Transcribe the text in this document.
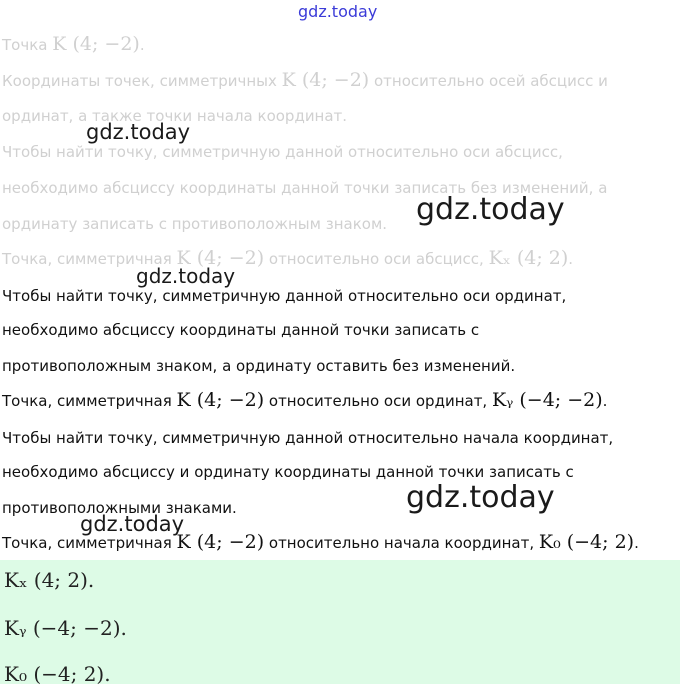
gdz.today
Точка K (4; −2).
Координаты точек, симметричных K (4; −2) относительно осей абсцисс и
ординат, а также точки начала координат.
Чтобы найти точку, симметричную данной относительно оси абсцисс,
необходимо абсциссу координаты данной точки записать без изменений, а
ординату записать с противоположным знаком.
Точка, симметричная K (4; −2) относительно оси абсцисс, Kₓ (4; 2).
gdz.today
gdz.today
gdz.today
Чтобы найти точку, симметричную данной относительно оси ординат,
необходимо абсциссу координаты данной точки записать с
противоположным знаком, а ординату оставить без изменений.
Точка, симметричная K (4; −2) относительно оси ординат, Kᵧ (−4; −2).
Чтобы найти точку, симметричную данной относительно начала координат,
необходимо абсциссу и ординату координаты данной точки записать с
противоположными знаками.
Точка, симметричная K (4; −2) относительно начала координат, K₀ (−4; 2).
gdz.today
gdz.today
Kₓ (4; 2).
Kᵧ (−4; −2).
K₀ (−4; 2).
